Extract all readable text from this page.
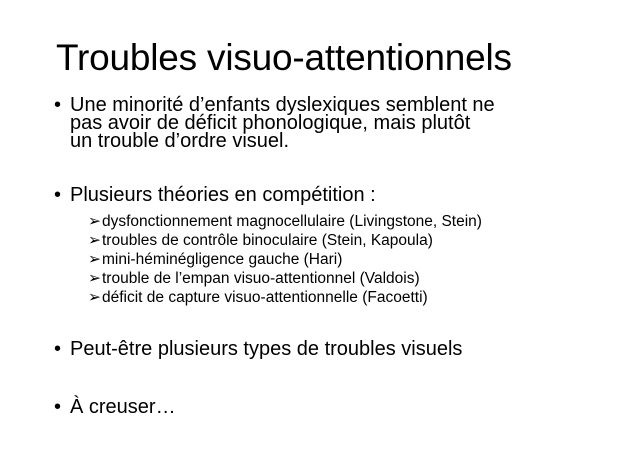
Troubles visuo-attentionnels
• Une minorité d’enfants dyslexiques semblent ne
pas avoir de déficit phonologique, mais plutôt
un trouble d’ordre visuel.
• Plusieurs théories en compétition :
➢dysfonctionnement magnocellulaire (Livingstone, Stein)
➢troubles de contrôle binoculaire (Stein, Kapoula)
➢mini-héminégligence gauche (Hari)
➢trouble de l’empan visuo-attentionnel (Valdois)
➢déficit de capture visuo-attentionnelle (Facoetti)
• Peut-être plusieurs types de troubles visuels
• À creuser…
